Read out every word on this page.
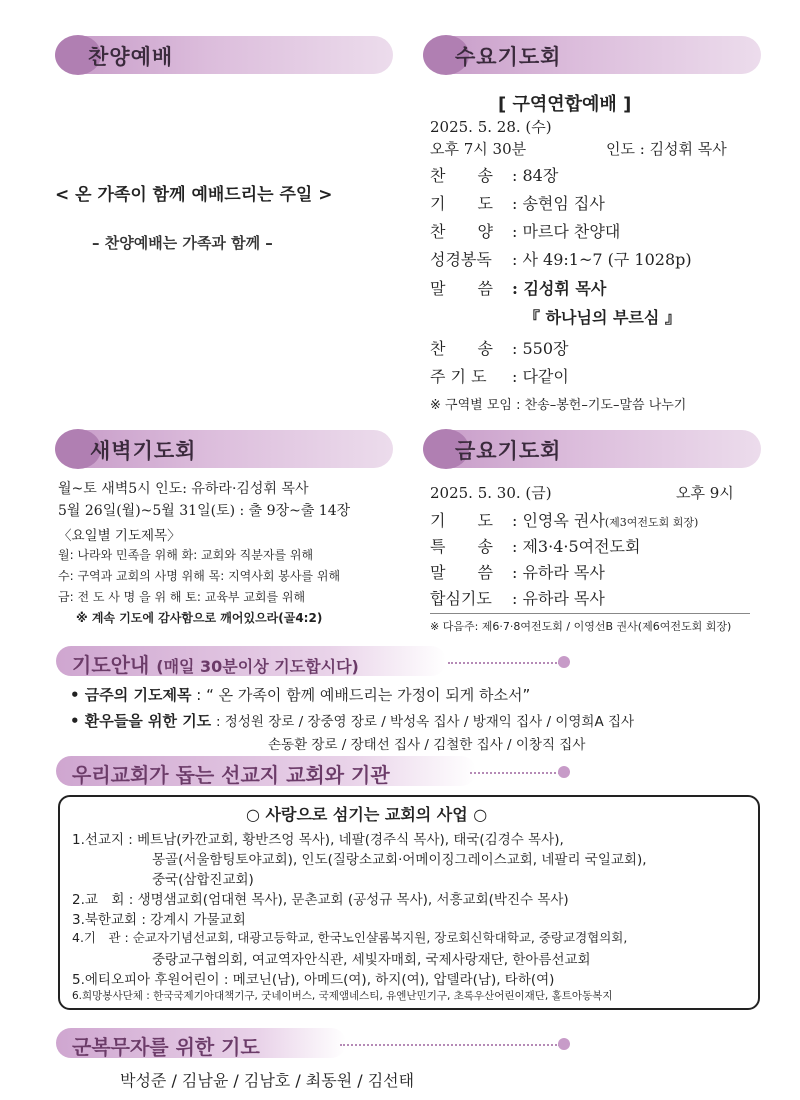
찬양예배
< 온 가족이 함께 예배드리는 주일 >
– 찬양예배는 가족과 함께 –
수요기도회
[ 구역연합예배 ]
2025. 5. 28. (수)
오후 7시 30분	인도 : 김성휘 목사
찬　　송 : 84장
기　　도 : 송현임 집사
찬　　양 : 마르다 찬양대
성경봉독 : 사 49:1~7 (구 1028p)
말　　씀 : 김성휘 목사
『 하나님의 부르심 』
찬　　송 : 550장
주 기 도 : 다같이
※ 구역별 모임 : 찬송–봉헌–기도–말씀 나누기
새벽기도회
월~토 새벽5시 인도: 유하라·김성휘 목사
5월 26일(월)~5월 31일(토) : 출 9장~출 14장
〈요일별 기도제목〉
월: 나라와 민족을 위해 화: 교회와 직분자를 위해
수: 구역과 교회의 사명 위해 목: 지역사회 봉사를 위해
금: 전 도 사 명 을 위 해 토: 교육부 교회를 위해
※ 계속 기도에 감사함으로 깨어있으라(골4:2)
금요기도회
2025. 5. 30. (금)	오후 9시
기　　도 : 인영옥 권사(제3여전도회 회장)
특　　송 : 제3·4·5여전도회
말　　씀 : 유하라 목사
합심기도 : 유하라 목사
※ 다음주: 제6·7·8여전도회 / 이영선B 권사(제6여전도회 회장)
기도안내 (매일 30분이상 기도합시다)
• 금주의 기도제목 : “ 온 가족이 함께 예배드리는 가정이 되게 하소서”
• 환우들을 위한 기도 : 정성원 장로 / 장중영 장로 / 박성옥 집사 / 방재익 집사 / 이영희A 집사
손동환 장로 / 장태선 집사 / 김철한 집사 / 이창직 집사
우리교회가 돕는 선교지 교회와 기관
○ 사랑으로 섬기는 교회의 사업 ○
1.선교지 : 베트남(카깐교회, 황반즈엉 목사), 네팔(경주식 목사), 태국(김경수 목사),
몽골(서울함팅토야교회), 인도(질랑소교회·어메이징그레이스교회, 네팔리 국일교회),
중국(삼합진교회)
2.교　회 : 생명샘교회(엄대현 목사), 문촌교회 (공성규 목사), 서흥교회(박진수 목사)
3.북한교회 : 강계시 가물교회
4.기　관 : 순교자기념선교회, 대광고등학교, 한국노인샬롬복지원, 장로회신학대학교, 중랑교경협의회,
중랑교구협의회, 여교역자안식관, 세빛자매회, 국제사랑재단, 한아름선교회
5.에티오피아 후원어린이 : 메코닌(남), 아메드(여), 하지(여), 압델라(남), 타하(여)
6.희망봉사단체 : 한국국제기아대책기구, 굿네이버스, 국제앰네스티, 유엔난민기구, 초록우산어린이재단, 홀트아동복지
군복무자를 위한 기도
박성준 / 김남윤 / 김남호 / 최동원 / 김선태
